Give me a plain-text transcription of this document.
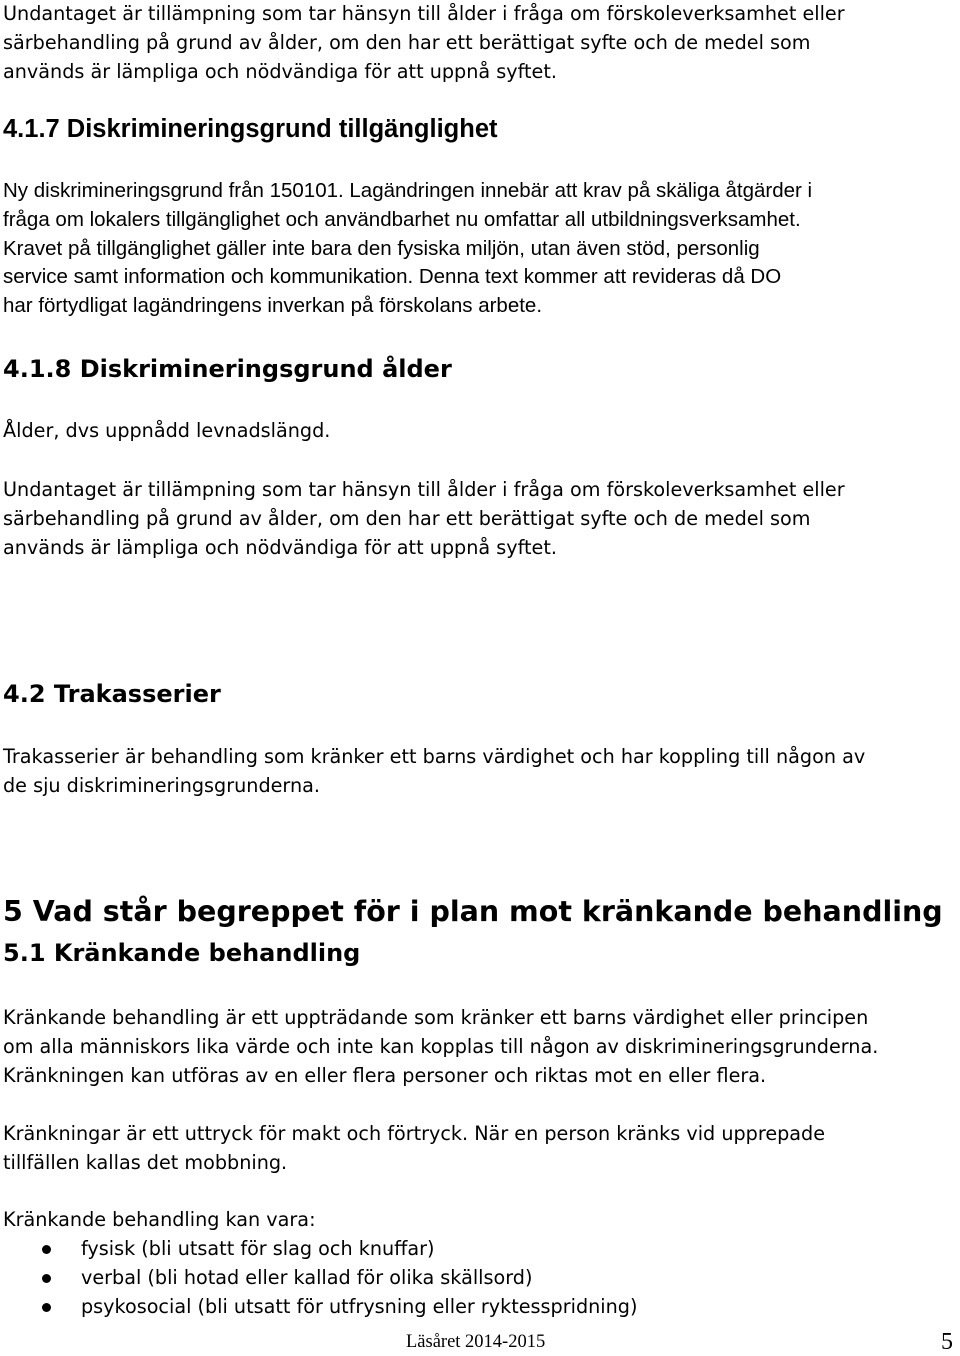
Undantaget är tillämpning som tar hänsyn till ålder i fråga om förskoleverksamhet eller
särbehandling på grund av ålder, om den har ett berättigat syfte och de medel som
används är lämpliga och nödvändiga för att uppnå syftet.
4.1.7 Diskrimineringsgrund tillgänglighet
Ny diskrimineringsgrund från 150101. Lagändringen innebär att krav på skäliga åtgärder i
fråga om lokalers tillgänglighet och användbarhet nu omfattar all utbildningsverksamhet.
Kravet på tillgänglighet gäller inte bara den fysiska miljön, utan även stöd, personlig
service samt information och kommunikation. Denna text kommer att revideras då DO
har förtydligat lagändringens inverkan på förskolans arbete.
4.1.8 Diskrimineringsgrund ålder
Ålder, dvs uppnådd levnadslängd.
Undantaget är tillämpning som tar hänsyn till ålder i fråga om förskoleverksamhet eller
särbehandling på grund av ålder, om den har ett berättigat syfte och de medel som
används är lämpliga och nödvändiga för att uppnå syftet.
4.2 Trakasserier
Trakasserier är behandling som kränker ett barns värdighet och har koppling till någon av
de sju diskrimineringsgrunderna.
5 Vad står begreppet för i plan mot kränkande behandling
5.1 Kränkande behandling
Kränkande behandling är ett uppträdande som kränker ett barns värdighet eller principen
om alla människors lika värde och inte kan kopplas till någon av diskrimineringsgrunderna.
Kränkningen kan utföras av en eller flera personer och riktas mot en eller flera.
Kränkningar är ett uttryck för makt och förtryck. När en person kränks vid upprepade
tillfällen kallas det mobbning.
Kränkande behandling kan vara:
fysisk (bli utsatt för slag och knuffar)
verbal (bli hotad eller kallad för olika skällsord)
psykosocial (bli utsatt för utfrysning eller ryktesspridning)
Läsåret 2014-2015	5
